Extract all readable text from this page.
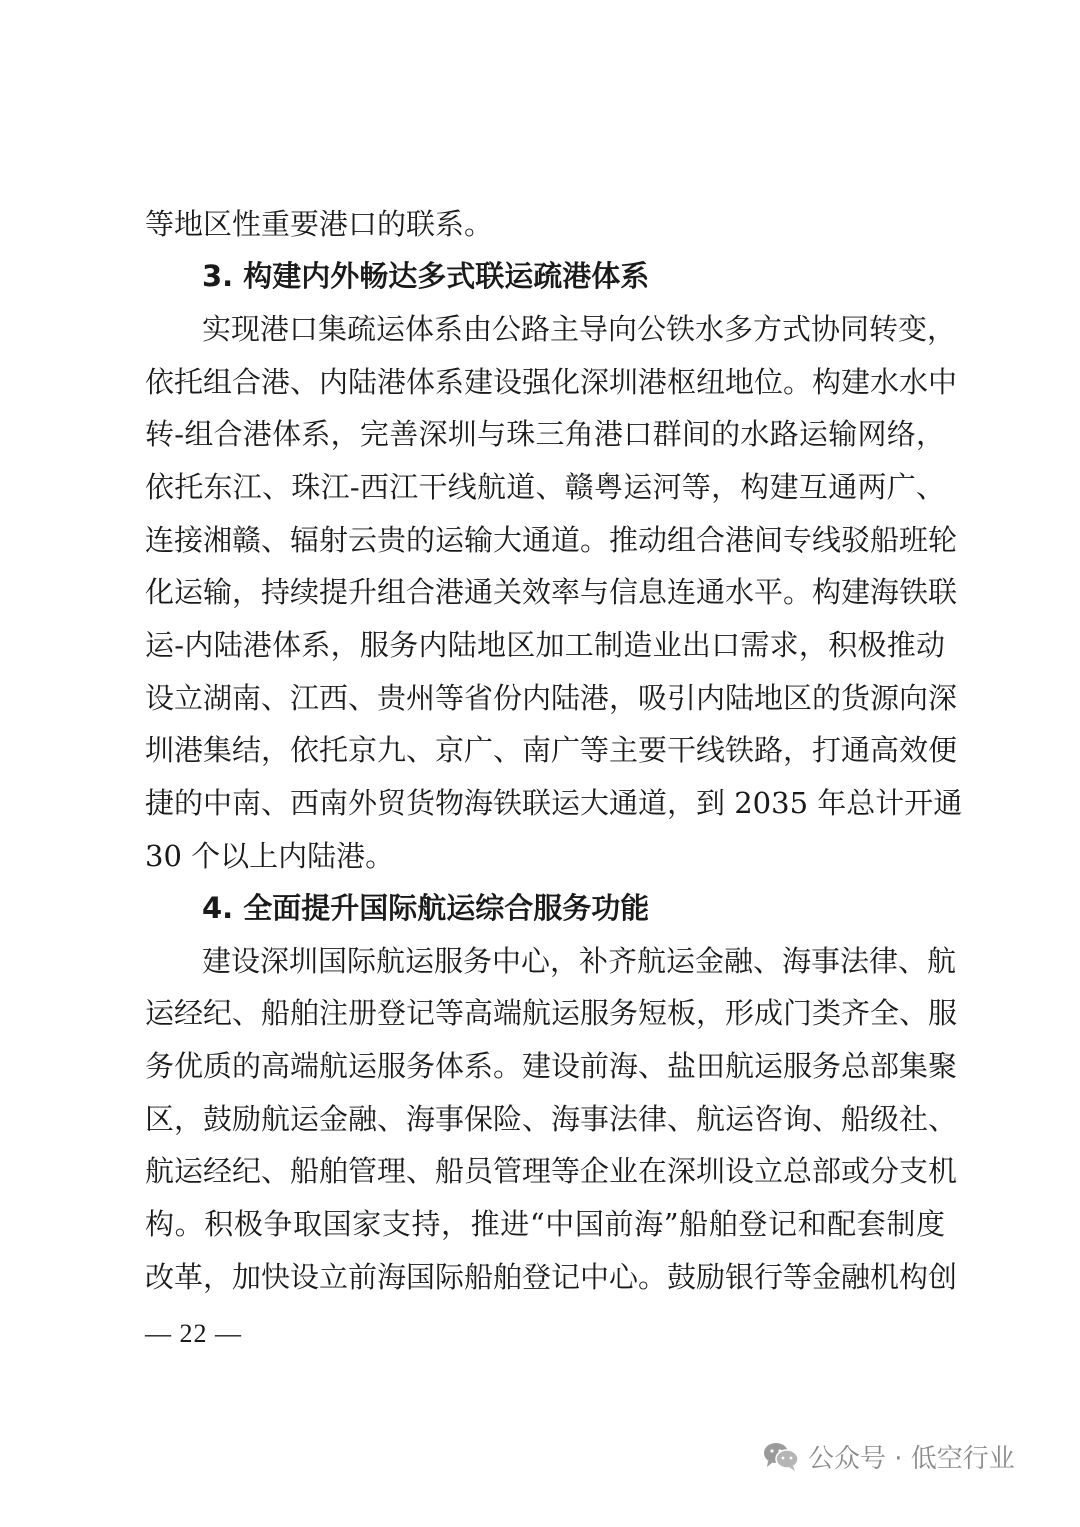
等地区性重要港口的联系。
3. 构建内外畅达多式联运疏港体系
实现港口集疏运体系由公路主导向公铁水多方式协同转变，
依托组合港、内陆港体系建设强化深圳港枢纽地位。构建水水中
转-组合港体系，完善深圳与珠三角港口群间的水路运输网络，
依托东江、珠江-西江干线航道、赣粤运河等，构建互通两广、
连接湘赣、辐射云贵的运输大通道。推动组合港间专线驳船班轮
化运输，持续提升组合港通关效率与信息连通水平。构建海铁联
运-内陆港体系，服务内陆地区加工制造业出口需求，积极推动
设立湖南、江西、贵州等省份内陆港，吸引内陆地区的货源向深
圳港集结，依托京九、京广、南广等主要干线铁路，打通高效便
捷的中南、西南外贸货物海铁联运大通道，到 2035 年总计开通
30 个以上内陆港。
4. 全面提升国际航运综合服务功能
建设深圳国际航运服务中心，补齐航运金融、海事法律、航
运经纪、船舶注册登记等高端航运服务短板，形成门类齐全、服
务优质的高端航运服务体系。建设前海、盐田航运服务总部集聚
区，鼓励航运金融、海事保险、海事法律、航运咨询、船级社、
航运经纪、船舶管理、船员管理等企业在深圳设立总部或分支机
构。积极争取国家支持，推进“中国前海”船舶登记和配套制度
改革，加快设立前海国际船舶登记中心。鼓励银行等金融机构创
— 22 —
公众号 · 低空行业
